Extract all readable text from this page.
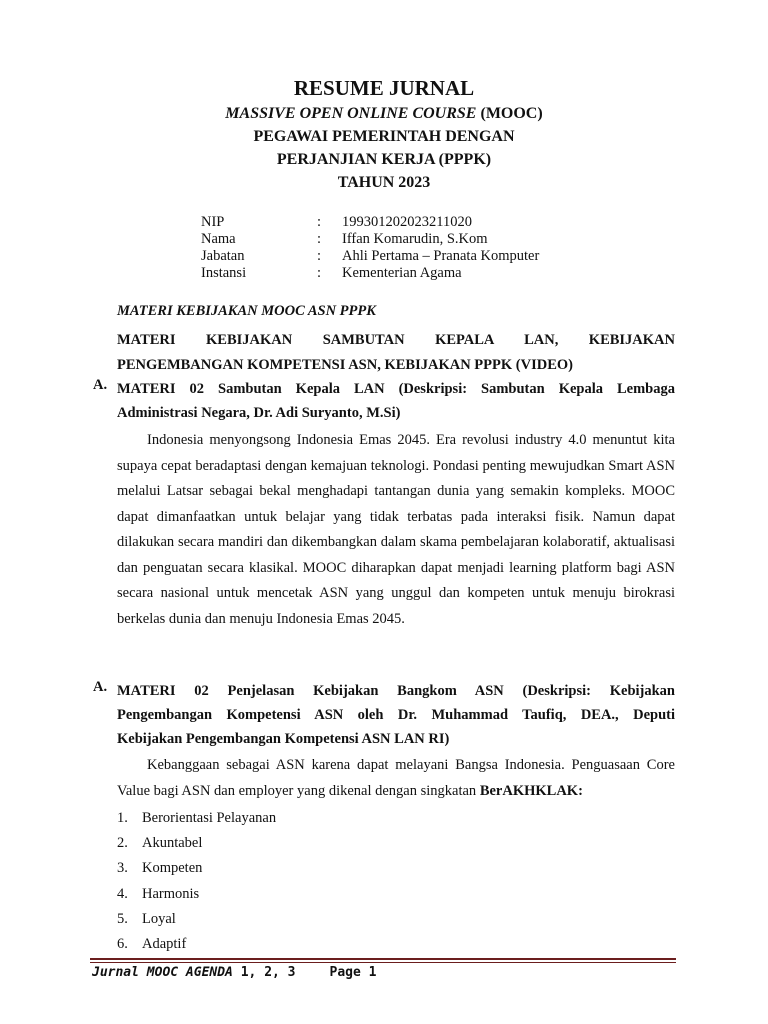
RESUME JURNAL
MASSIVE OPEN ONLINE COURSE (MOOC)
PEGAWAI PEMERINTAH DENGAN
PERJANJIAN KERJA (PPPK)
TAHUN 2023
NIP	:	199301202023211020
Nama	:	Iffan Komarudin, S.Kom
Jabatan	:	Ahli Pertama – Pranata Komputer
Instansi	:	Kementerian Agama
MATERI KEBIJAKAN MOOC ASN PPPK
MATERI KEBIJAKAN SAMBUTAN KEPALA LAN, KEBIJAKAN
PENGEMBANGAN KOMPETENSI ASN, KEBIJAKAN PPPK (VIDEO)
A. MATERI 02 Sambutan Kepala LAN (Deskripsi: Sambutan Kepala Lembaga
Administrasi Negara, Dr. Adi Suryanto, M.Si)
Indonesia menyongsong Indonesia Emas 2045. Era revolusi industry 4.0 menuntut kita supaya cepat beradaptasi dengan kemajuan teknologi. Pondasi penting mewujudkan Smart ASN melalui Latsar sebagai bekal menghadapi tantangan dunia yang semakin kompleks. MOOC dapat dimanfaatkan untuk belajar yang tidak terbatas pada interaksi fisik. Namun dapat dilakukan secara mandiri dan dikembangkan dalam skama pembelajaran kolaboratif, aktualisasi dan penguatan secara klasikal. MOOC diharapkan dapat menjadi learning platform bagi ASN secara nasional untuk mencetak ASN yang unggul dan kompeten untuk menuju birokrasi berkelas dunia dan menuju Indonesia Emas 2045.
A. MATERI 02 Penjelasan Kebijakan Bangkom ASN (Deskripsi: Kebijakan
Pengembangan Kompetensi ASN oleh Dr. Muhammad Taufiq, DEA., Deputi
Kebijakan Pengembangan Kompetensi ASN LAN RI)
Kebanggaan sebagai ASN karena dapat melayani Bangsa Indonesia. Penguasaan Core Value bagi ASN dan employer yang dikenal dengan singkatan BerAKHKLAK:
1. Berorientasi Pelayanan
2. Akuntabel
3. Kompeten
4. Harmonis
5. Loyal
6. Adaptif
Jurnal MOOC AGENDA 1, 2, 3	Page 1
